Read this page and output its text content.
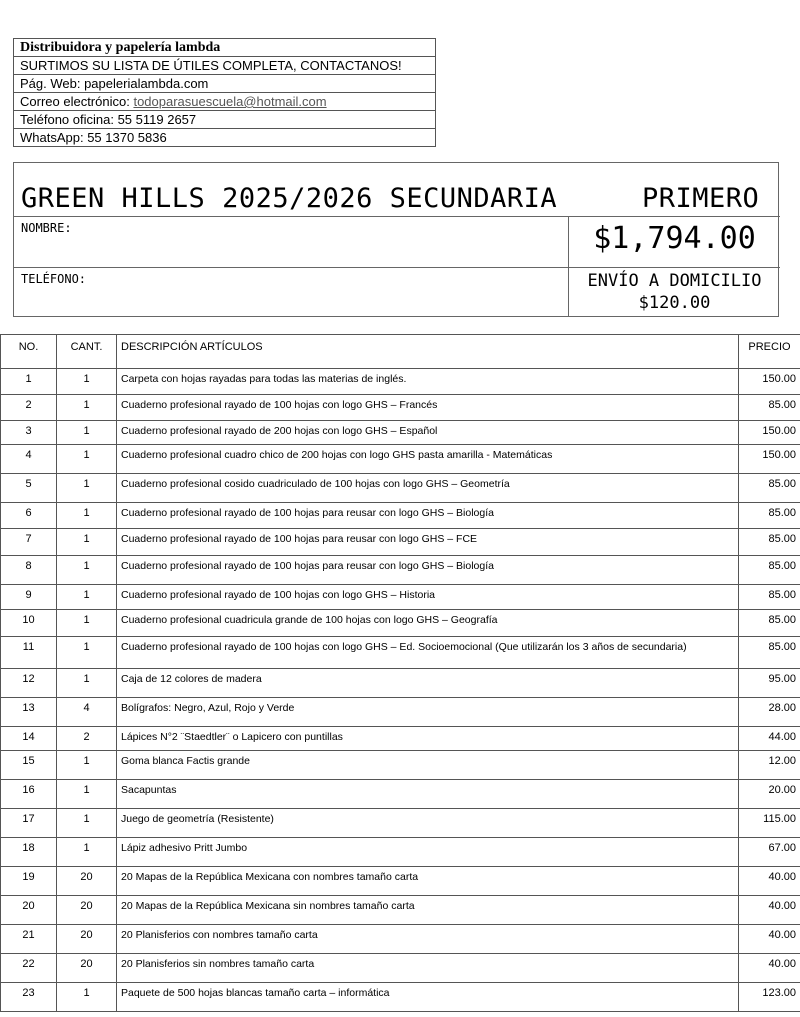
Distribuidora y papelería lambda
SURTIMOS SU LISTA DE ÚTILES COMPLETA, CONTACTANOS!
Pág. Web: papelerialambda.com
Correo electrónico: todoparasuescuela@hotmail.com
Teléfono oficina: 55 5119 2657
WhatsApp: 55 1370 5836
GREEN HILLS 2025/2026 SECUNDARIA	PRIMERO
NOMBRE:	$1,794.00
TELÉFONO:	ENVÍO A DOMICILIO
$120.00
NO.	CANT.	DESCRIPCIÓN ARTÍCULOS	PRECIO
1	1	Carpeta con hojas rayadas para todas las materias de inglés.	150.00
2	1	Cuaderno profesional rayado de 100 hojas con logo GHS – Francés	85.00
3	1	Cuaderno profesional rayado de 200 hojas con logo GHS – Español	150.00
4	1	Cuaderno profesional cuadro chico de 200 hojas con logo GHS pasta amarilla - Matemáticas	150.00
5	1	Cuaderno profesional cosido cuadriculado de 100 hojas con logo GHS – Geometría	85.00
6	1	Cuaderno profesional rayado de 100 hojas para reusar con logo GHS – Biología	85.00
7	1	Cuaderno profesional rayado de 100 hojas para reusar con logo GHS – FCE	85.00
8	1	Cuaderno profesional rayado de 100 hojas para reusar con logo GHS – Biología	85.00
9	1	Cuaderno profesional rayado de 100 hojas con logo GHS – Historia	85.00
10	1	Cuaderno profesional cuadricula grande de 100 hojas con logo GHS – Geografía	85.00
11	1	Cuaderno profesional rayado de 100 hojas con logo GHS – Ed. Socioemocional (Que utilizarán los 3 años de secundaria)	85.00
12	1	Caja de 12 colores de madera	95.00
13	4	Bolígrafos: Negro, Azul, Rojo y Verde	28.00
14	2	Lápices N°2 ¨Staedtler¨ o Lapicero con puntillas	44.00
15	1	Goma blanca Factis grande	12.00
16	1	Sacapuntas	20.00
17	1	Juego de geometría (Resistente)	115.00
18	1	Lápiz adhesivo Pritt Jumbo	67.00
19	20	20 Mapas de la República Mexicana con nombres tamaño carta	40.00
20	20	20 Mapas de la República Mexicana sin nombres tamaño carta	40.00
21	20	20 Planisferios con nombres tamaño carta	40.00
22	20	20 Planisferios sin nombres tamaño carta	40.00
23	1	Paquete de 500 hojas blancas tamaño carta – informática	123.00
